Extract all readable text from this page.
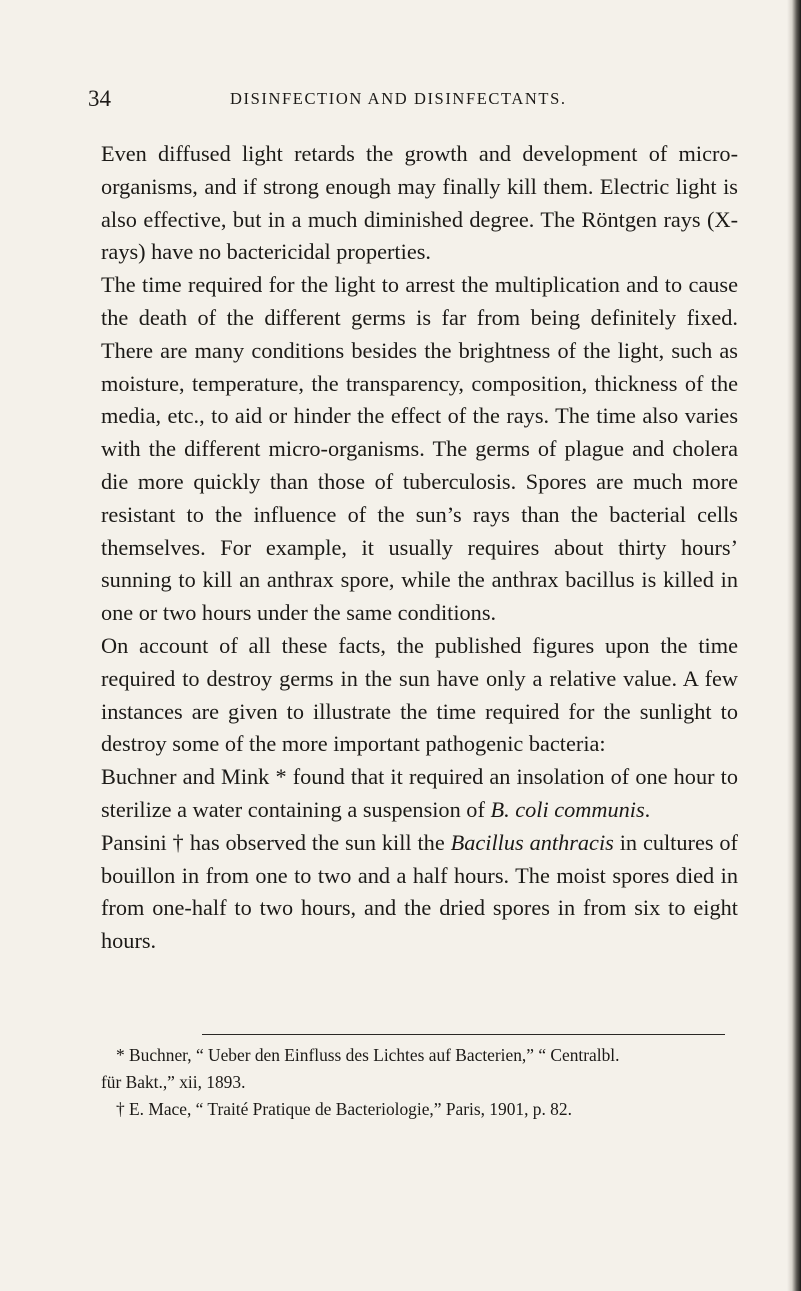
34	DISINFECTION AND DISINFECTANTS.

Even diffused light retards the growth and development of micro-organisms, and if strong enough may finally kill them. Electric light is also effective, but in a much diminished degree. The Röntgen rays (X-rays) have no bactericidal properties.

The time required for the light to arrest the multiplication and to cause the death of the different germs is far from being definitely fixed. There are many conditions besides the brightness of the light, such as moisture, temperature, the transparency, composition, thickness of the media, etc., to aid or hinder the effect of the rays. The time also varies with the different micro-organisms. The germs of plague and cholera die more quickly than those of tuberculosis. Spores are much more resistant to the influence of the sun’s rays than the bacterial cells themselves. For example, it usually requires about thirty hours’ sunning to kill an anthrax spore, while the anthrax bacillus is killed in one or two hours under the same conditions.

On account of all these facts, the published figures upon the time required to destroy germs in the sun have only a relative value. A few instances are given to illustrate the time required for the sunlight to destroy some of the more important pathogenic bacteria:

Buchner and Mink * found that it required an insolation of one hour to sterilize a water containing a suspension of B. coli communis.

Pansini † has observed the sun kill the Bacillus anthracis in cultures of bouillon in from one to two and a half hours. The moist spores died in from one-half to two hours, and the dried spores in from six to eight hours.

* Buchner, “ Ueber den Einfluss des Lichtes auf Bacterien,” “ Centralbl.

für Bakt.,” xii, 1893.

† E. Mace, “ Traité Pratique de Bacteriologie,” Paris, 1901, p. 82.
